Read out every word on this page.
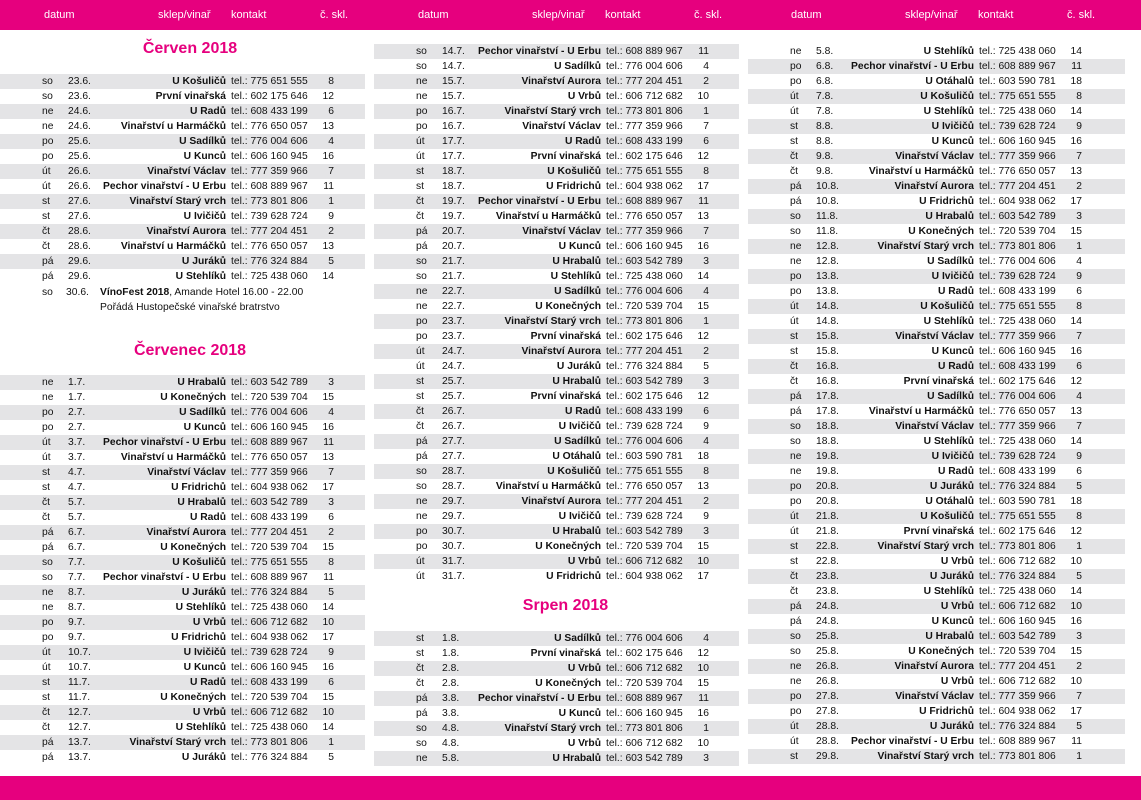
datum	sklep/vinař kontakt	č. skl.	datum	sklep/vinař kontakt	č. skl.	datum	sklep/vinař kontakt	č. skl.
Červen 2018
so 23.6.	U Košuličů tel.: 775 651 555	8
so 23.6.	První vinařská tel.: 602 175 646	12
ne 24.6.	U Radů tel.: 608 433 199	6
ne 24.6.	Vinařství u Harmáčků tel.: 776 650 057	13
po 25.6.	U Sadílků tel.: 776 004 606	4
po 25.6.	U Kunců tel.: 606 160 945	16
út 26.6.	Vinařství Václav tel.: 777 359 966	7
út 26.6. Pechor vinařství - U Erbu tel.: 608 889 967	11
st 27.6.	Vinařství Starý vrch tel.: 773 801 806	1
st 27.6.	U Ivičičů tel.: 739 628 724	9
čt 28.6.	Vinařství Aurora tel.: 777 204 451	2
čt 28.6.	Vinařství u Harmáčků tel.: 776 650 057	13
pá 29.6.	U Juráků tel.: 776 324 884	5
pá 29.6.	U Stehlíků tel.: 725 438 060	14
so 30.6. VínoFest 2018, Amande Hotel 16.00 - 22.00
Pořádá Hustopečské vinařské bratrstvo
Červenec 2018
ne 1.7.	U Hrabalů tel.: 603 542 789	3
ne 1.7.	U Konečných tel.: 720 539 704	15
po 2.7.	U Sadílků tel.: 776 004 606	4
po 2.7.	U Kunců tel.: 606 160 945	16
út 3.7. Pechor vinařství - U Erbu tel.: 608 889 967	11
út 3.7.	Vinařství u Harmáčků tel.: 776 650 057	13
st 4.7.	Vinařství Václav tel.: 777 359 966	7
st 4.7.	U Fridrichů tel.: 604 938 062	17
čt 5.7.	U Hrabalů tel.: 603 542 789	3
čt 5.7.	U Radů tel.: 608 433 199	6
pá 6.7.	Vinařství Aurora tel.: 777 204 451	2
pá 6.7.	U Konečných tel.: 720 539 704	15
so 7.7.	U Košuličů tel.: 775 651 555	8
so 7.7. Pechor vinařství - U Erbu tel.: 608 889 967	11
ne 8.7.	U Juráků tel.: 776 324 884	5
ne 8.7.	U Stehlíků tel.: 725 438 060	14
po 9.7.	U Vrbů tel.: 606 712 682	10
po 9.7.	U Fridrichů tel.: 604 938 062	17
út 10.7.	U Ivičičů tel.: 739 628 724	9
út 10.7.	U Kunců tel.: 606 160 945	16
st 11.7.	U Radů tel.: 608 433 199	6
st 11.7.	U Konečných tel.: 720 539 704	15
čt 12.7.	U Vrbů tel.: 606 712 682	10
čt 12.7.	U Stehlíků tel.: 725 438 060	14
pá 13.7.	Vinařství Starý vrch tel.: 773 801 806	1
pá 13.7.	U Juráků tel.: 776 324 884	5
so 14.7. Pechor vinařství - U Erbu tel.: 608 889 967	11
so 14.7.	U Sadílků tel.: 776 004 606	4
ne 15.7.	Vinařství Aurora tel.: 777 204 451	2
ne 15.7.	U Vrbů tel.: 606 712 682	10
po 16.7.	Vinařství Starý vrch tel.: 773 801 806	1
po 16.7.	Vinařství Václav tel.: 777 359 966	7
út 17.7.	U Radů tel.: 608 433 199	6
út 17.7.	První vinařská tel.: 602 175 646	12
st 18.7.	U Košuličů tel.: 775 651 555	8
st 18.7.	U Fridrichů tel.: 604 938 062	17
čt 19.7. Pechor vinařství - U Erbu tel.: 608 889 967	11
čt 19.7.	Vinařství u Harmáčků tel.: 776 650 057	13
pá 20.7.	Vinařství Václav tel.: 777 359 966	7
pá 20.7.	U Kunců tel.: 606 160 945	16
so 21.7.	U Hrabalů tel.: 603 542 789	3
so 21.7.	U Stehlíků tel.: 725 438 060	14
ne 22.7.	U Sadílků tel.: 776 004 606	4
ne 22.7.	U Konečných tel.: 720 539 704	15
po 23.7.	Vinařství Starý vrch tel.: 773 801 806	1
po 23.7.	První vinařská tel.: 602 175 646	12
út 24.7.	Vinařství Aurora tel.: 777 204 451	2
út 24.7.	U Juráků tel.: 776 324 884	5
st 25.7.	U Hrabalů tel.: 603 542 789	3
st 25.7.	První vinařská tel.: 602 175 646	12
čt 26.7.	U Radů tel.: 608 433 199	6
čt 26.7.	U Ivičičů tel.: 739 628 724	9
pá 27.7.	U Sadílků tel.: 776 004 606	4
pá 27.7.	U Otáhalů tel.: 603 590 781	18
so 28.7.	U Košuličů tel.: 775 651 555	8
so 28.7.	Vinařství u Harmáčků tel.: 776 650 057	13
ne 29.7.	Vinařství Aurora tel.: 777 204 451	2
ne 29.7.	U Ivičičů tel.: 739 628 724	9
po 30.7.	U Hrabalů tel.: 603 542 789	3
po 30.7.	U Konečných tel.: 720 539 704	15
út 31.7.	U Vrbů tel.: 606 712 682	10
út 31.7.	U Fridrichů tel.: 604 938 062	17
Srpen 2018
st 1.8.	U Sadílků tel.: 776 004 606	4
st 1.8.	První vinařská tel.: 602 175 646	12
čt 2.8.	U Vrbů tel.: 606 712 682	10
čt 2.8.	U Konečných tel.: 720 539 704	15
pá 3.8. Pechor vinařství - U Erbu tel.: 608 889 967	11
pá 3.8.	U Kunců tel.: 606 160 945	16
so 4.8.	Vinařství Starý vrch tel.: 773 801 806	1
so 4.8.	U Vrbů tel.: 606 712 682	10
ne 5.8.	U Hrabalů tel.: 603 542 789	3
ne 5.8.	U Stehlíků tel.: 725 438 060	14
po 6.8. Pechor vinařství - U Erbu tel.: 608 889 967	11
po 6.8.	U Otáhalů tel.: 603 590 781	18
út 7.8.	U Košuličů tel.: 775 651 555	8
út 7.8.	U Stehlíků tel.: 725 438 060	14
st 8.8.	U Ivičičů tel.: 739 628 724	9
st 8.8.	U Kunců tel.: 606 160 945	16
čt 9.8.	Vinařství Václav tel.: 777 359 966	7
čt 9.8.	Vinařství u Harmáčků tel.: 776 650 057	13
pá 10.8.	Vinařství Aurora tel.: 777 204 451	2
pá 10.8.	U Fridrichů tel.: 604 938 062	17
so 11.8.	U Hrabalů tel.: 603 542 789	3
so 11.8.	U Konečných tel.: 720 539 704	15
ne 12.8.	Vinařství Starý vrch tel.: 773 801 806	1
ne 12.8.	U Sadílků tel.: 776 004 606	4
po 13.8.	U Ivičičů tel.: 739 628 724	9
po 13.8.	U Radů tel.: 608 433 199	6
út 14.8.	U Košuličů tel.: 775 651 555	8
út 14.8.	U Stehlíků tel.: 725 438 060	14
st 15.8.	Vinařství Václav tel.: 777 359 966	7
st 15.8.	U Kunců tel.: 606 160 945	16
čt 16.8.	U Radů tel.: 608 433 199	6
čt 16.8.	První vinařská tel.: 602 175 646	12
pá 17.8.	U Sadílků tel.: 776 004 606	4
pá 17.8.	Vinařství u Harmáčků tel.: 776 650 057	13
so 18.8.	Vinařství Václav tel.: 777 359 966	7
so 18.8.	U Stehlíků tel.: 725 438 060	14
ne 19.8.	U Ivičičů tel.: 739 628 724	9
ne 19.8.	U Radů tel.: 608 433 199	6
po 20.8.	U Juráků tel.: 776 324 884	5
po 20.8.	U Otáhalů tel.: 603 590 781	18
út 21.8.	U Košuličů tel.: 775 651 555	8
út 21.8.	První vinařská tel.: 602 175 646	12
st 22.8.	Vinařství Starý vrch tel.: 773 801 806	1
st 22.8.	U Vrbů tel.: 606 712 682	10
čt 23.8.	U Juráků tel.: 776 324 884	5
čt 23.8.	U Stehlíků tel.: 725 438 060	14
pá 24.8.	U Vrbů tel.: 606 712 682	10
pá 24.8.	U Kunců tel.: 606 160 945	16
so 25.8.	U Hrabalů tel.: 603 542 789	3
so 25.8.	U Konečných tel.: 720 539 704	15
ne 26.8.	Vinařství Aurora tel.: 777 204 451	2
ne 26.8.	U Vrbů tel.: 606 712 682	10
po 27.8.	Vinařství Václav tel.: 777 359 966	7
po 27.8.	U Fridrichů tel.: 604 938 062	17
út 28.8.	U Juráků tel.: 776 324 884	5
út 28.8. Pechor vinařství - U Erbu tel.: 608 889 967	11
st 29.8.	Vinařství Starý vrch tel.: 773 801 806	1
